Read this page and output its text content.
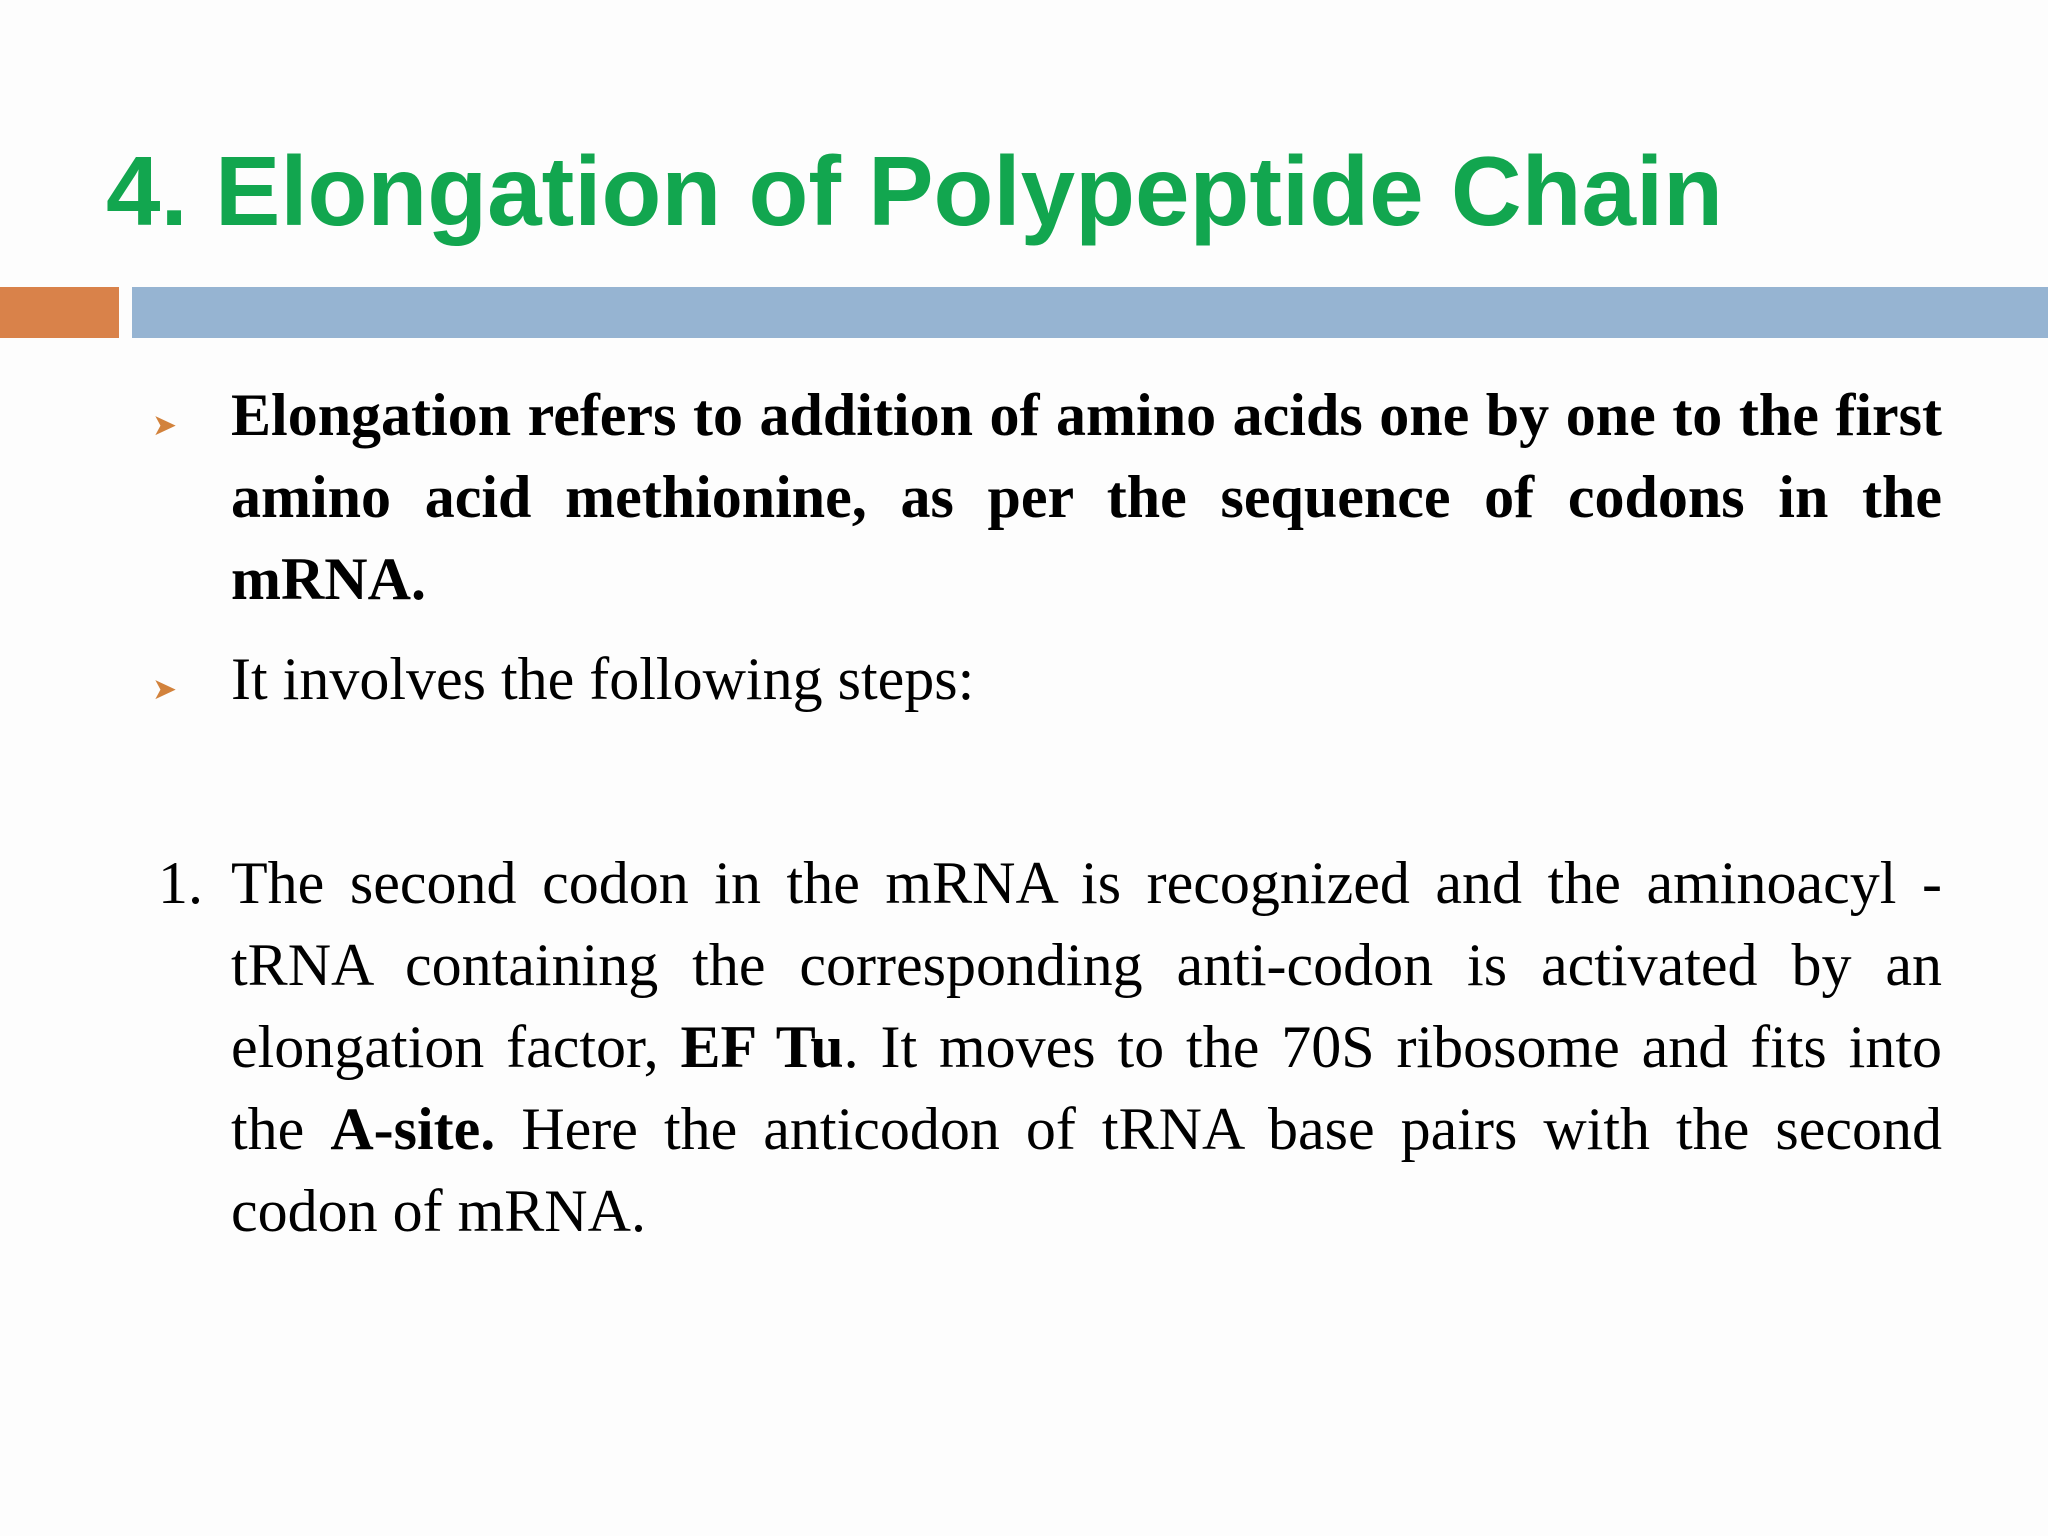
4. Elongation of Polypeptide Chain
➤ Elongation refers to addition of amino acids one by one to the first amino acid methionine, as per the sequence of codons in the mRNA.

➤ It involves the following steps:

1. The second codon in the mRNA is recognized and the aminoacyl -tRNA containing the corresponding anti-codon is activated by an elongation factor, EF Tu. It moves to the 70S ribosome and fits into the A-site. Here the anticodon of tRNA base pairs with the second codon of mRNA.
